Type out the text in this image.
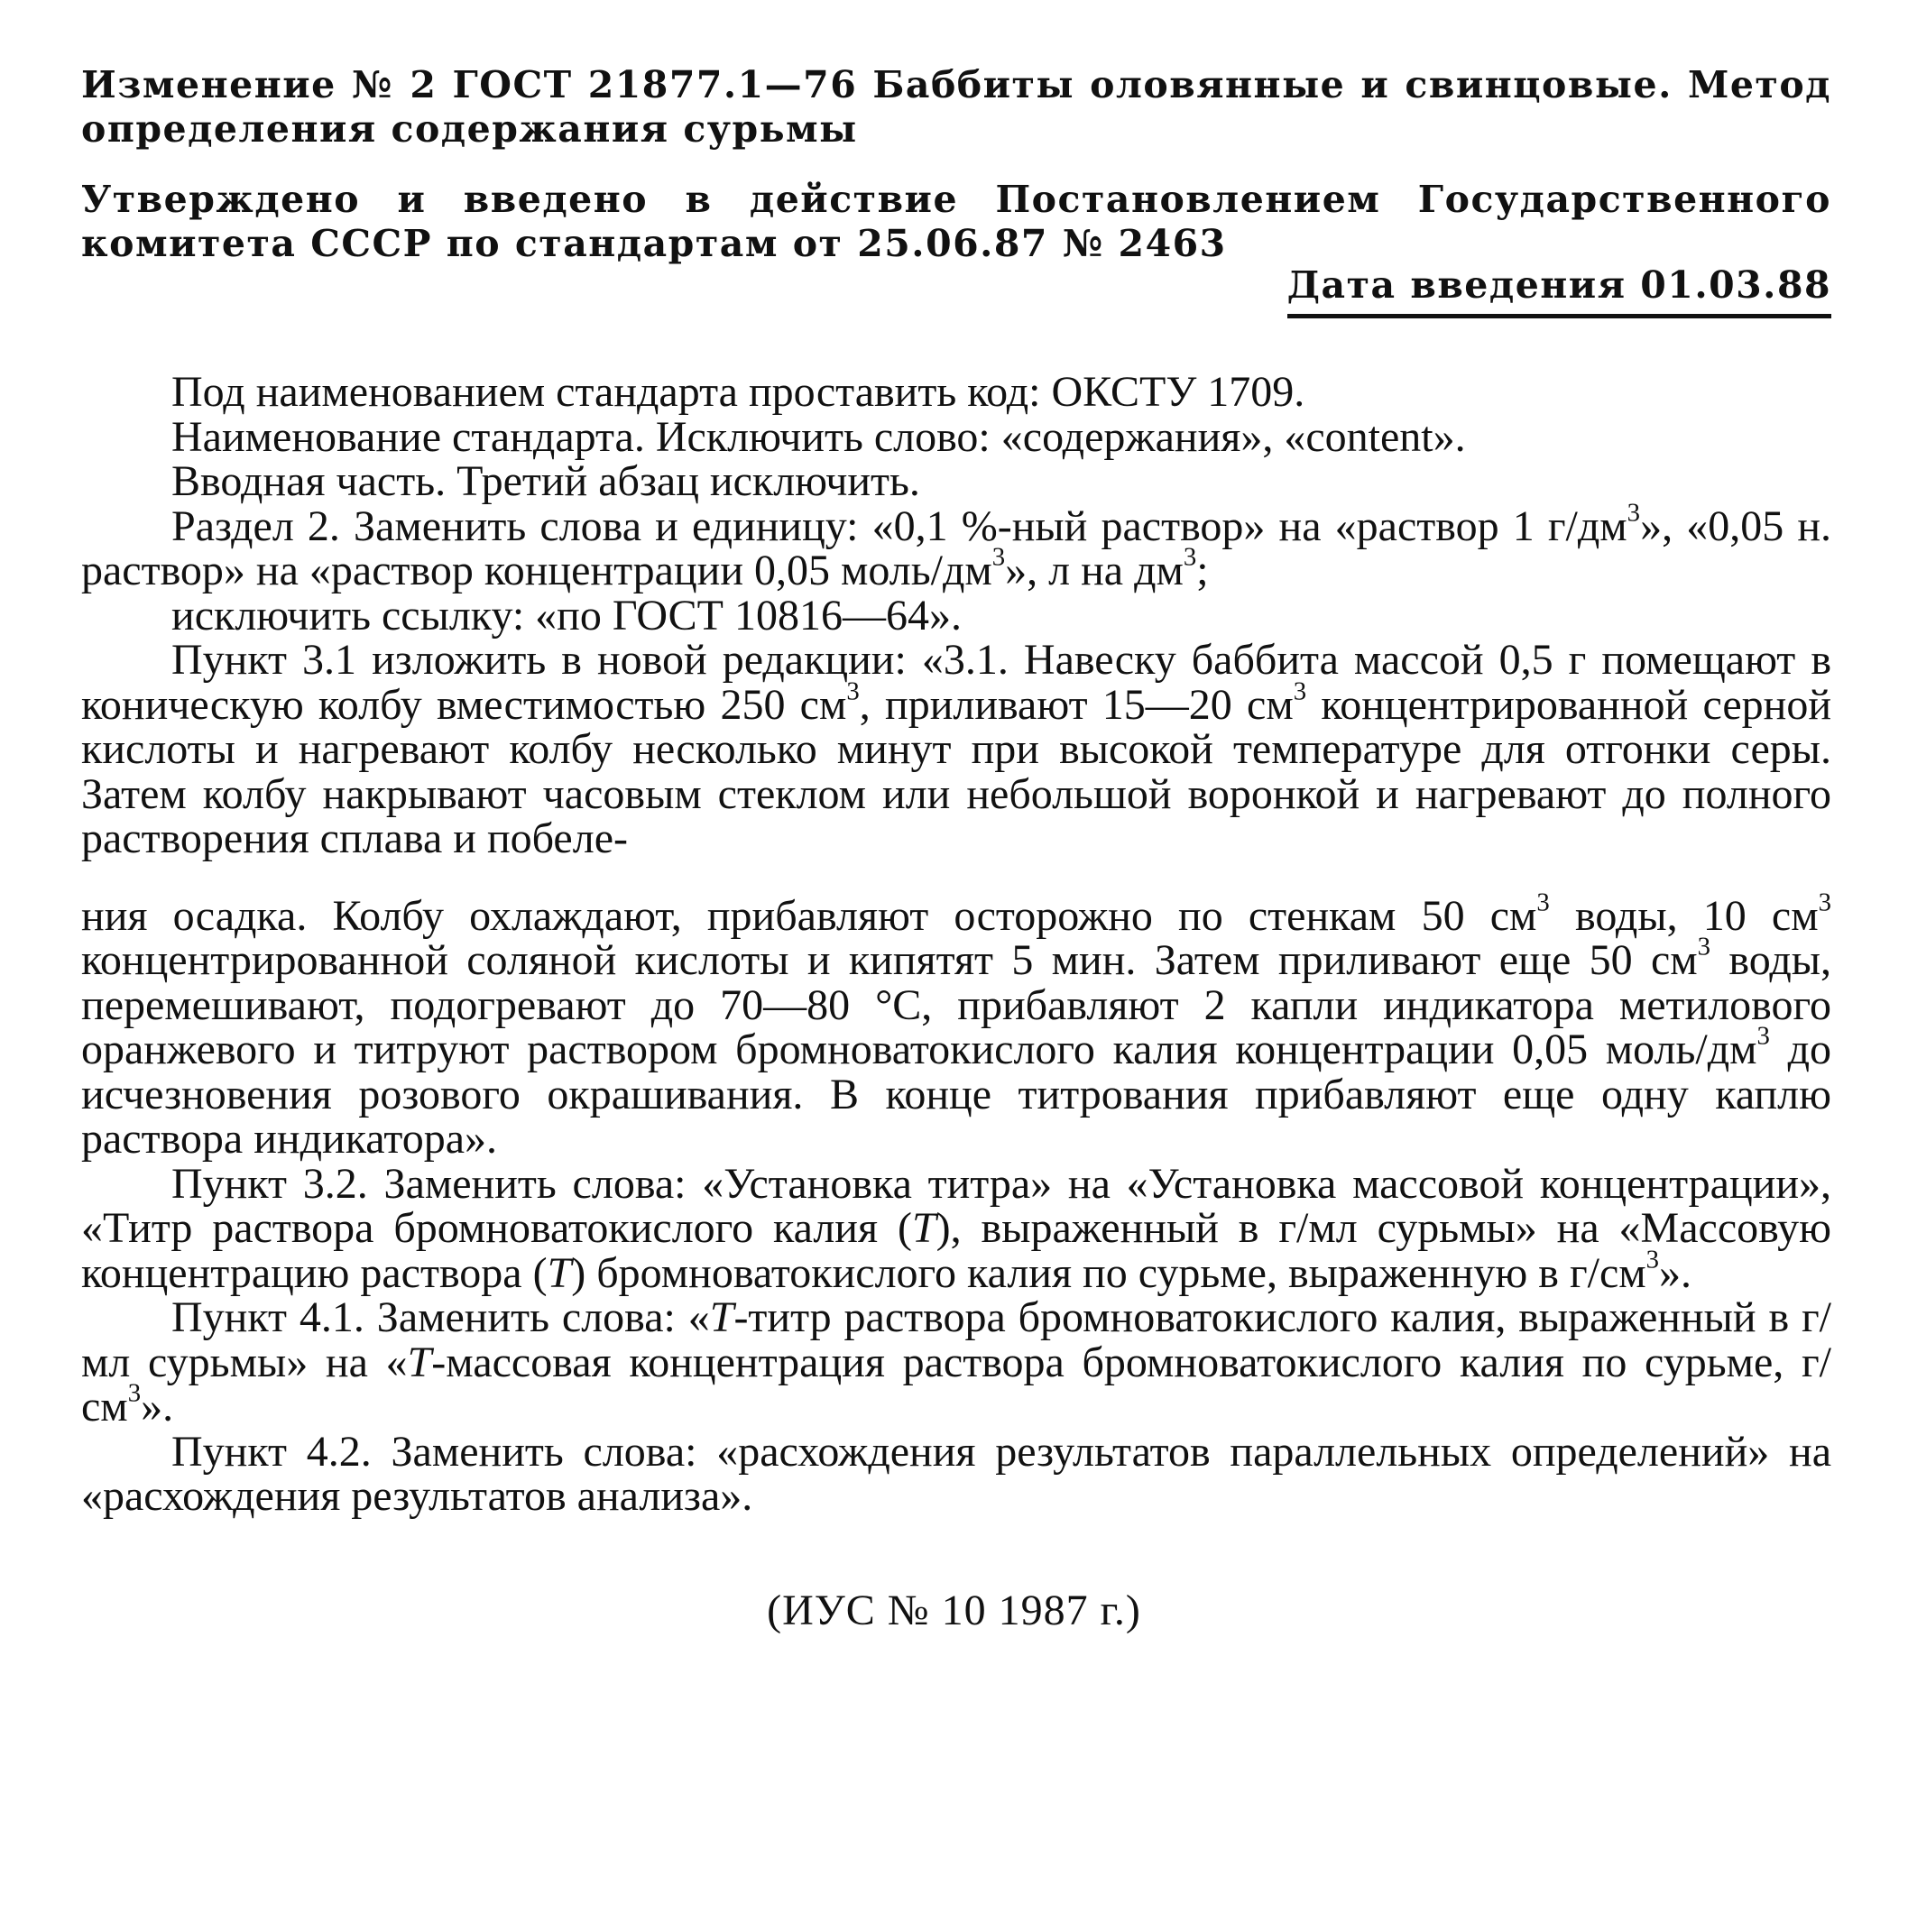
Изменение № 2 ГОСТ 21877.1—76 Баббиты оловянные и свинцовые. Метод определения содержания сурьмы
Утверждено и введено в действие Постановлением Государственного комитета СССР по стандартам от 25.06.87 № 2463
Дата введения 01.03.88

Под наименованием стандарта проставить код: ОКСТУ 1709.

Наименование стандарта. Исключить слово: «содержания», «content».

Вводная часть. Третий абзац исключить.

Раздел 2. Заменить слова и единицу: «0,1 %-ный раствор» на «раствор 1 $г/дм^3$», «0,05 н. раствор» на «раствор концентрации 0,05 моль/$дм^3$», л на $дм^3$;

исключить ссылку: «по ГОСТ 10816—64».

Пункт 3.1 изложить в новой редакции: «3.1. Навеску баббита массой 0,5 г помещают в коническую колбу вместимостью 250 $см^3$, приливают 15—20 $см^3$ концентрированной серной кислоты и нагревают колбу несколько минут при высокой температуре для отгонки серы. Затем колбу накрывают часовым стеклом или небольшой воронкой и нагревают до полного растворения сплава и побеле-

ния осадка. Колбу охлаждают, прибавляют осторожно по стенкам 50 $см^3$ воды, 10 $см^3$ концентрированной соляной кислоты и кипятят 5 мин. Затем приливают еще 50 $см^3$ воды, перемешивают, подогревают до 70—80 °С, прибавляют 2 капли индикатора метилового оранжевого и титруют раствором бромноватокислого калия концентрации 0,05 моль/$дм^3$ до исчезновения розового окрашивания. В конце титрования прибавляют еще одну каплю раствора индикатора».

Пункт 3.2. Заменить слова: «Установка титра» на «Установка массовой концентрации», «Титр раствора бромноватокислого калия (T), выраженный в г/мл сурьмы» на «Массовую концентрацию раствора (T) бромноватокислого калия по сурьме, выраженную в $г/см^3$».

Пункт 4.1. Заменить слова: «T-титр раствора бромноватокислого калия, выраженный в г/мл сурьмы» на «T-массовая концентрация раствора бромноватокислого калия по сурьме, $г/см^3$».

Пункт 4.2. Заменить слова: «расхождения результатов параллельных определений» на «расхождения результатов анализа».

(ИУС № 10 1987 г.)
